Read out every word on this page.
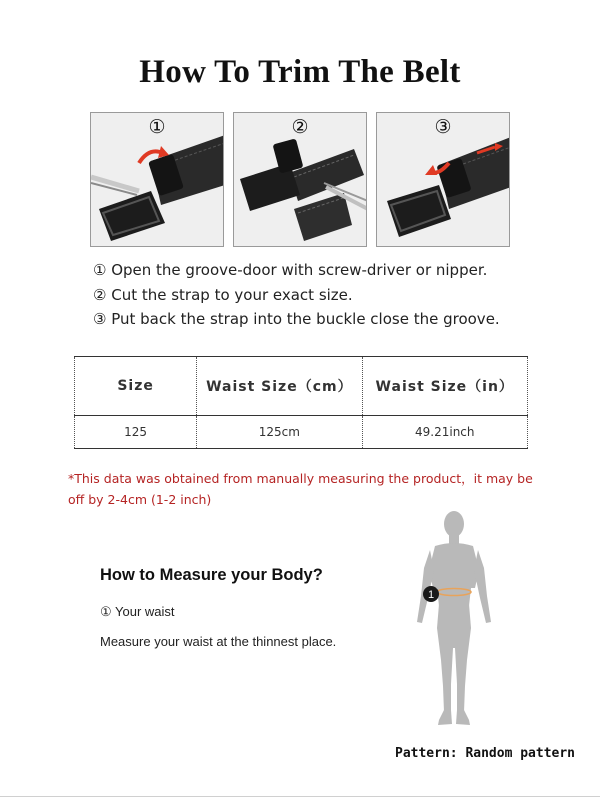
How To Trim The Belt
①	②	③
① Open the groove-door with screw-driver or nipper.
② Cut the strap to your exact size.
③ Put back the strap into the buckle close the groove.
Size	Waist Size（cm）	Waist Size（in）
125	125cm	49.21inch
*This data was obtained from manually measuring the product，it may be off by 2-4cm (1-2 inch)
How to Measure your Body?
① Your waist
Measure your waist at the thinnest place.
1
Pattern: Random pattern
